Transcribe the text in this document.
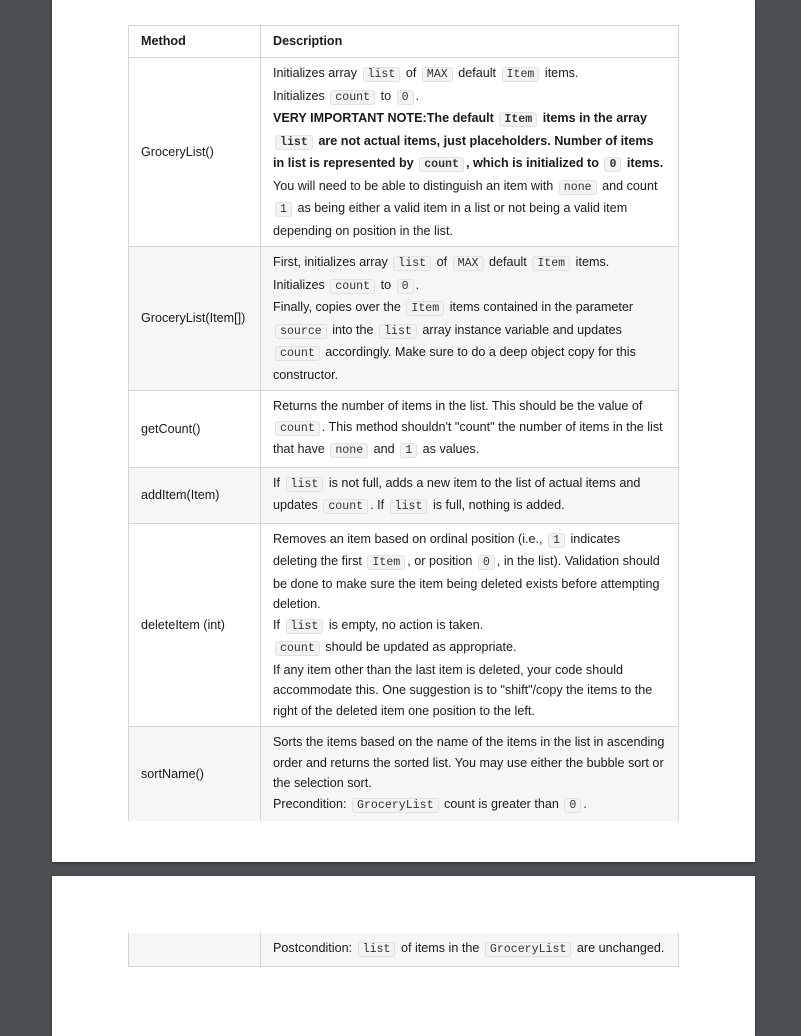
Method	Description
GroceryList()	Initializes array list of MAX default Item items.

Initializes count to 0 .

VERY IMPORTANT NOTE:The default Item items in the array list are not actual items, just placeholders. Number of items in list is represented by count , which is initialized to 0 items.

You will need to be able to distinguish an item with none and count 1 as being either a valid item in a list or not being a valid item depending on position in the list.

GroceryList(Item[])	First, initializes array list of MAX default Item items.

Initializes count to 0 .

Finally, copies over the Item items contained in the parameter source into the list array instance variable and updates count accordingly. Make sure to do a deep object copy for this constructor.

getCount()	Returns the number of items in the list. This should be the value of count . This method shouldn't "count" the number of items in the list that have none and 1 as values.

addItem(Item)	If list is not full, adds a new item to the list of actual items and updates count . If list is full, nothing is added.

deleteItem (int)	Removes an item based on ordinal position (i.e., 1 indicates deleting the first Item , or position 0 , in the list). Validation should be done to make sure the item being deleted exists before attempting deletion.

If list is empty, no action is taken.

count should be updated as appropriate.

If any item other than the last item is deleted, your code should accommodate this. One suggestion is to "shift"/copy the items to the right of the deleted item one position to the left.

sortName()	Sorts the items based on the name of the items in the list in ascending order and returns the sorted list. You may use either the bubble sort or the selection sort.

Precondition: GroceryList count is greater than 0 .

Postcondition: list of items in the GroceryList are unchanged.
